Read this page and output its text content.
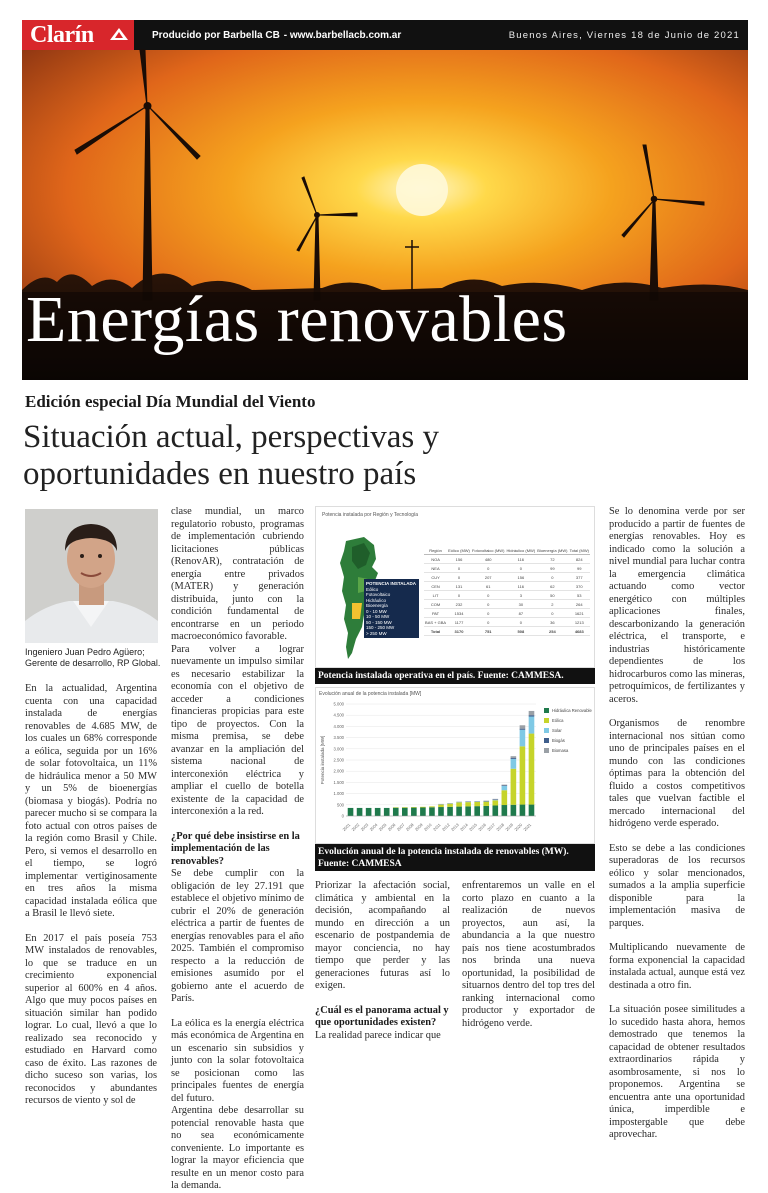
Clarín	Producido por Barbella CB - www.barbellacb.com.ar	Buenos Aires, Viernes 18 de Junio de 2021
Energías renovables
Edición especial Día Mundial del Viento
Situación actual, perspectivas y oportunidades en nuestro país
Ingeniero Juan Pedro Agüero;
Gerente de desarrollo, RP Global.

En la actualidad, Argentina cuenta con una capacidad instalada de energías renovables de 4.685 MW, de los cuales un 68% corresponde a eólica, seguida por un 16% de solar fotovoltaica, un 11% de hidráulica menor a 50 MW y un 5% de bioenergías (biomasa y biogás). Podría no parecer mucho si se compara la foto actual con otros países de la región como Brasil y Chile. Pero, si vemos el desarrollo en el tiempo, se logró implementar vertiginosamente en tres años la misma capacidad instalada eólica que a Brasil le llevó siete.

En 2017 el país poseía 753 MW instalados de renovables, lo que se traduce en un crecimiento exponencial superior al 600% en 4 años. Algo que muy pocos países en situación similar han podido lograr. Lo cual, llevó a que lo realizado sea reconocido y estudiado en Harvard como caso de éxito. Las razones de dicho suceso son varias, los reconocidos y abundantes recursos de viento y sol de

clase mundial, un marco regulatorio robusto, programas de implementación cubriendo licitaciones públicas (RenovAR), contratación de energía entre privados (MATER) y generación distribuida, junto con la condición fundamental de encontrarse en un periodo macroeconómico favorable.

Para volver a lograr nuevamente un impulso similar es necesario estabilizar la economía con el objetivo de acceder a condiciones financieras propicias para este tipo de proyectos. Con la misma premisa, se debe avanzar en la ampliación del sistema nacional de interconexión eléctrica y ampliar el cuello de botella existente de la capacidad de interconexión a la red.

¿Por qué debe insistirse en la implementación de las renovables?

Se debe cumplir con la obligación de ley 27.191 que establece el objetivo mínimo de cubrir el 20% de generación eléctrica a partir de fuentes de energías renovables para el año 2025. También el compromiso respecto a la reducción de emisiones asumido por el gobierno ante el acuerdo de París.

La eólica es la energía eléctrica más económica de Argentina en un escenario sin subsidios y junto con la solar fotovoltaica se posicionan como las principales fuentes de energía del futuro.

Argentina debe desarrollar su potencial renovable hasta que no sea económicamente conveniente. Lo importante es lograr la mayor eficiencia que resulte en un menor costo para la demanda.

Potencia instalada por Región y Tecnología
POTENCIA INSTALADA
Eólico
Fotovoltaico
Hidráulico
Bioenergía
0 - 10 MW
10 - 50 MW
50 - 150 MW
150 - 250 MW
> 250 MW
Región	Eólico (MW)	Fotovoltaico (MW)	Hidráulico (MW)	Bioenergía (MW)	Total (MW)
NOA	156	480	116	72	824
NEA	0	0	0	99	99
CUY	0	207	156	0	377
CEN	131	61	116	62	370
LIT	0	0	3	50	53
COM	232	0	30	2	264
PAT	1534	0	87	0	1621
BAS + GBA	1177	0	0	36	1213
Total	3170	751	508	254	4683
Potencia instalada operativa en el país. Fuente: CAMMESA.
Evolución anual de la potencia instalada [MW]
Potencia instalada [MW]
0
500
1.000
1.500
2.000
2.500
3.000
3.500
4.000
4.500
5.000
2001 2002 2003 2004 2005 2006 2007 2008 2009 2010 2011 2012 2013 2014 2015 2016 2017 2018 2019 2020 2021
Hidráulica Renovable
Eólica
Solar
Biogás
Biomasa
Evolución anual de la potencia instalada de renovables (MW). Fuente: CAMMESA

Priorizar la afectación social, climática y ambiental en la decisión, acompañando al mundo en dirección a un escenario de postpandemia de mayor conciencia, no hay tiempo que perder y las generaciones futuras así lo exigen.

¿Cuál es el panorama actual y que oportunidades existen?

La realidad parece indicar que

enfrentaremos un valle en el corto plazo en cuanto a la realización de nuevos proyectos, aun así, la abundancia a la que nuestro país nos tiene acostumbrados nos brinda una nueva oportunidad, la posibilidad de situarnos dentro del top tres del ranking internacional como productor y exportador de hidrógeno verde.

Se lo denomina verde por ser producido a partir de fuentes de energías renovables. Hoy es indicado como la solución a nivel mundial para luchar contra la emergencia climática actuando como vector energético con múltiples aplicaciones finales, descarbonizando la generación eléctrica, el transporte, e industrias históricamente dependientes de los hidrocarburos como las mineras, petroquímicos, de fertilizantes y aceros.

Organismos de renombre internacional nos sitúan como uno de principales países en el mundo con las condiciones óptimas para la obtención del fluido a costos competitivos tales que vuelvan factible el mercado internacional del hidrógeno verde esperado.

Esto se debe a las condiciones superadoras de los recursos eólico y solar mencionados, sumados a la amplia superficie disponible para la implementación masiva de parques.

Multiplicando nuevamente de forma exponencial la capacidad instalada actual, aunque está vez destinada a otro fin.

La situación posee similitudes a lo sucedido hasta ahora, hemos demostrado que tenemos la capacidad de obtener resultados extraordinarios rápida y asombrosamente, si nos lo proponemos. Argentina se encuentra ante una oportunidad única, imperdible e impostergable que debe aprovechar.
